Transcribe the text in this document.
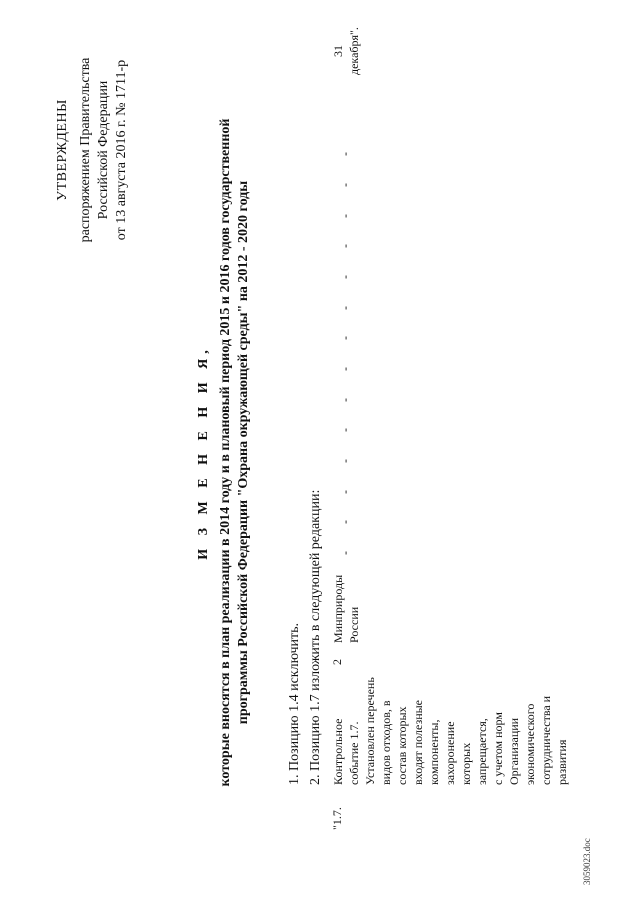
УТВЕРЖДЕНЫ распоряжением Правительства Российской Федерации от 13 августа 2016 г. № 1711-р
И З М Е Н Е Н И Я, которые вносятся в план реализации в 2014 году и в плановый период 2015 и 2016 годов государственной программы Российской Федерации "Охрана окружающей среды" на 2012 - 2020 годы	1. Позицию 1.4 исключить. 2. Позицию 1.7 изложить в следующей редакции:
"1.7.
Контрольное событие 1.7. Установлен перечень видов отходов, в состав которых входят полезные компоненты, захоронение которых запрещается, с учетом норм Организации экономического сотрудничества и развития
2
Минприроды России
-
-
-
-
-
-
-
-
-
-
-
-
-
-
31 декабря".
3059023.doc
